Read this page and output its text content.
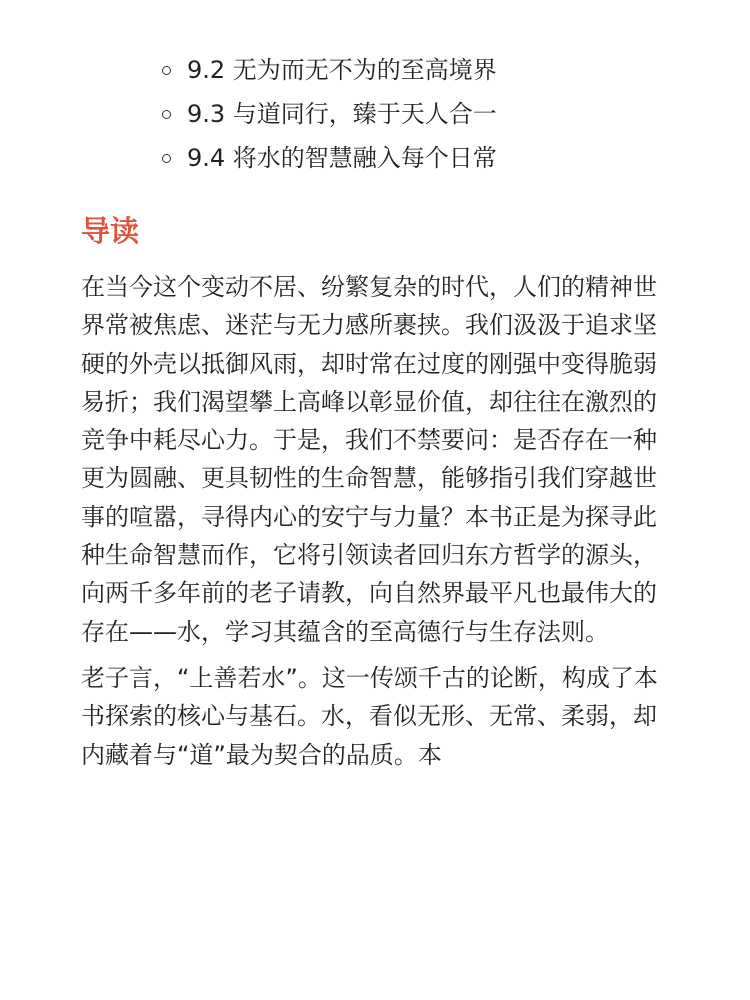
9.2 无为而无不为的至高境界
9.3 与道同行，臻于天人合一
9.4 将水的智慧融入每个日常
导读

在当今这个变动不居、纷繁复杂的时代，人们的精神世界常被焦虑、迷茫与无力感所裹挟。我们汲汲于追求坚硬的外壳以抵御风雨，却时常在过度的刚强中变得脆弱易折；我们渴望攀上高峰以彰显价值，却往往在激烈的竞争中耗尽心力。于是，我们不禁要问：是否存在一种更为圆融、更具韧性的生命智慧，能够指引我们穿越世事的喧嚣，寻得内心的安宁与力量？本书正是为探寻此种生命智慧而作，它将引领读者回归东方哲学的源头，向两千多年前的老子请教，向自然界最平凡也最伟大的存在——水，学习其蕴含的至高德行与生存法则。

老子言，“上善若水”。这一传颂千古的论断，构成了本书探索的核心与基石。水，看似无形、无常、柔弱，却内藏着与“道”最为契合的品质。本
